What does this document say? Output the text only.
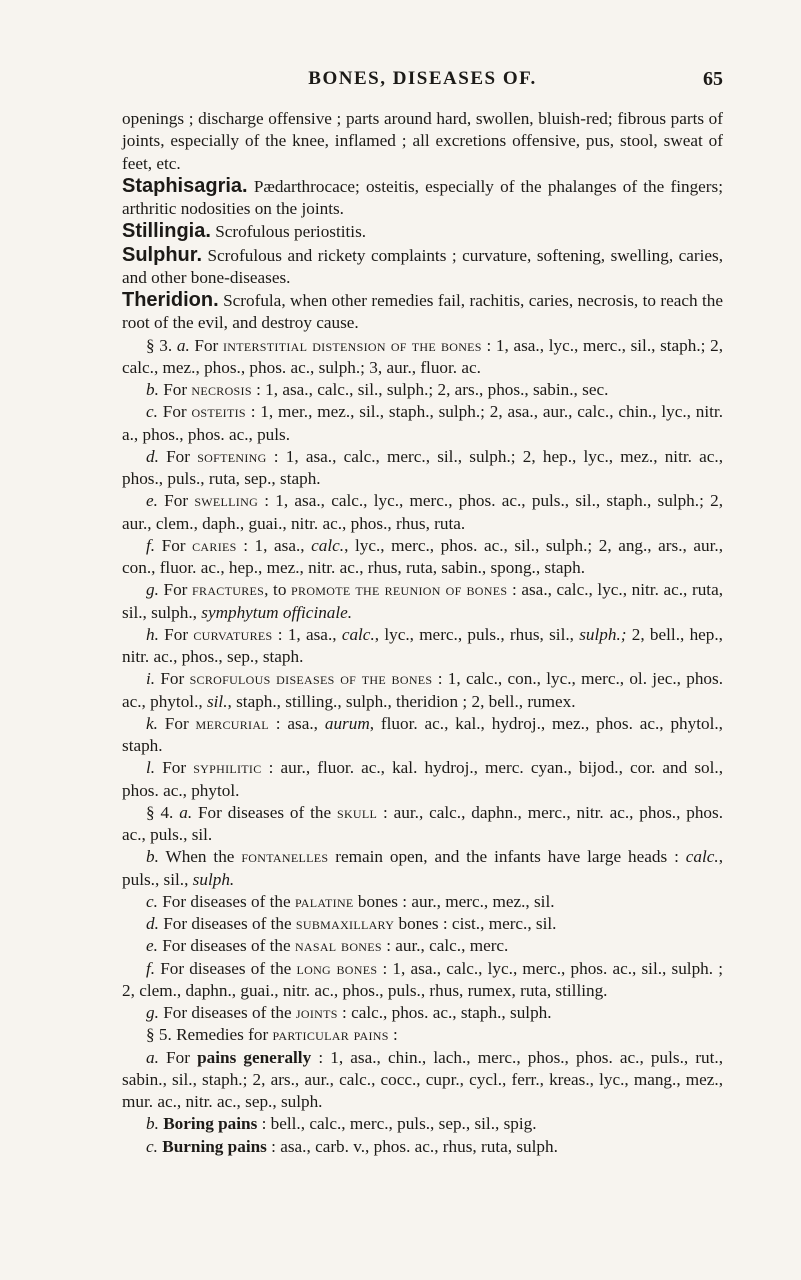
BONES, DISEASES OF.	65

openings ; discharge offensive ; parts around hard, swollen, bluish-red; fibrous parts of joints, especially of the knee, inflamed ; all excretions offensive, pus, stool, sweat of feet, etc.

Staphisagria. Pædarthrocace; osteitis, especially of the phalanges of the fingers; arthritic nodosities on the joints.

Stillingia. Scrofulous periostitis.

Sulphur. Scrofulous and rickety complaints ; curvature, softening, swelling, caries, and other bone-diseases.

Theridion. Scrofula, when other remedies fail, rachitis, caries, necrosis, to reach the root of the evil, and destroy cause.

§ 3. a. For interstitial distension of the bones : 1, asa., lyc., merc., sil., staph.; 2, calc., mez., phos., phos. ac., sulph.; 3, aur., fluor. ac.

b. For necrosis : 1, asa., calc., sil., sulph.; 2, ars., phos., sabin., sec.

c. For osteitis : 1, mer., mez., sil., staph., sulph.; 2, asa., aur., calc., chin., lyc., nitr. a., phos., phos. ac., puls.

d. For softening : 1, asa., calc., merc., sil., sulph.; 2, hep., lyc., mez., nitr. ac., phos., puls., ruta, sep., staph.

e. For swelling : 1, asa., calc., lyc., merc., phos. ac., puls., sil., staph., sulph.; 2, aur., clem., daph., guai., nitr. ac., phos., rhus, ruta.

f. For caries : 1, asa., calc., lyc., merc., phos. ac., sil., sulph.; 2, ang., ars., aur., con., fluor. ac., hep., mez., nitr. ac., rhus, ruta, sabin., spong., staph.

g. For fractures, to promote the reunion of bones : asa., calc., lyc., nitr. ac., ruta, sil., sulph., symphytum officinale.

h. For curvatures : 1, asa., calc., lyc., merc., puls., rhus, sil., sulph.; 2, bell., hep., nitr. ac., phos., sep., staph.

i. For scrofulous diseases of the bones : 1, calc., con., lyc., merc., ol. jec., phos. ac., phytol., sil., staph., stilling., sulph., theridion ; 2, bell., rumex.

k. For mercurial : asa., aurum, fluor. ac., kal., hydroj., mez., phos. ac., phytol., staph.

l. For syphilitic : aur., fluor. ac., kal. hydroj., merc. cyan., bijod., cor. and sol., phos. ac., phytol.

§ 4. a. For diseases of the skull : aur., calc., daphn., merc., nitr. ac., phos., phos. ac., puls., sil.

b. When the fontanelles remain open, and the infants have large heads : calc., puls., sil., sulph.

c. For diseases of the palatine bones : aur., merc., mez., sil.

d. For diseases of the submaxillary bones : cist., merc., sil.

e. For diseases of the nasal bones : aur., calc., merc.

f. For diseases of the long bones : 1, asa., calc., lyc., merc., phos. ac., sil., sulph. ; 2, clem., daphn., guai., nitr. ac., phos., puls., rhus, rumex, ruta, stilling.

g. For diseases of the joints : calc., phos. ac., staph., sulph.

§ 5. Remedies for particular pains :

a. For pains generally : 1, asa., chin., lach., merc., phos., phos. ac., puls., rut., sabin., sil., staph.; 2, ars., aur., calc., cocc., cupr., cycl., ferr., kreas., lyc., mang., mez., mur. ac., nitr. ac., sep., sulph.

b. Boring pains : bell., calc., merc., puls., sep., sil., spig.

c. Burning pains : asa., carb. v., phos. ac., rhus, ruta, sulph.
